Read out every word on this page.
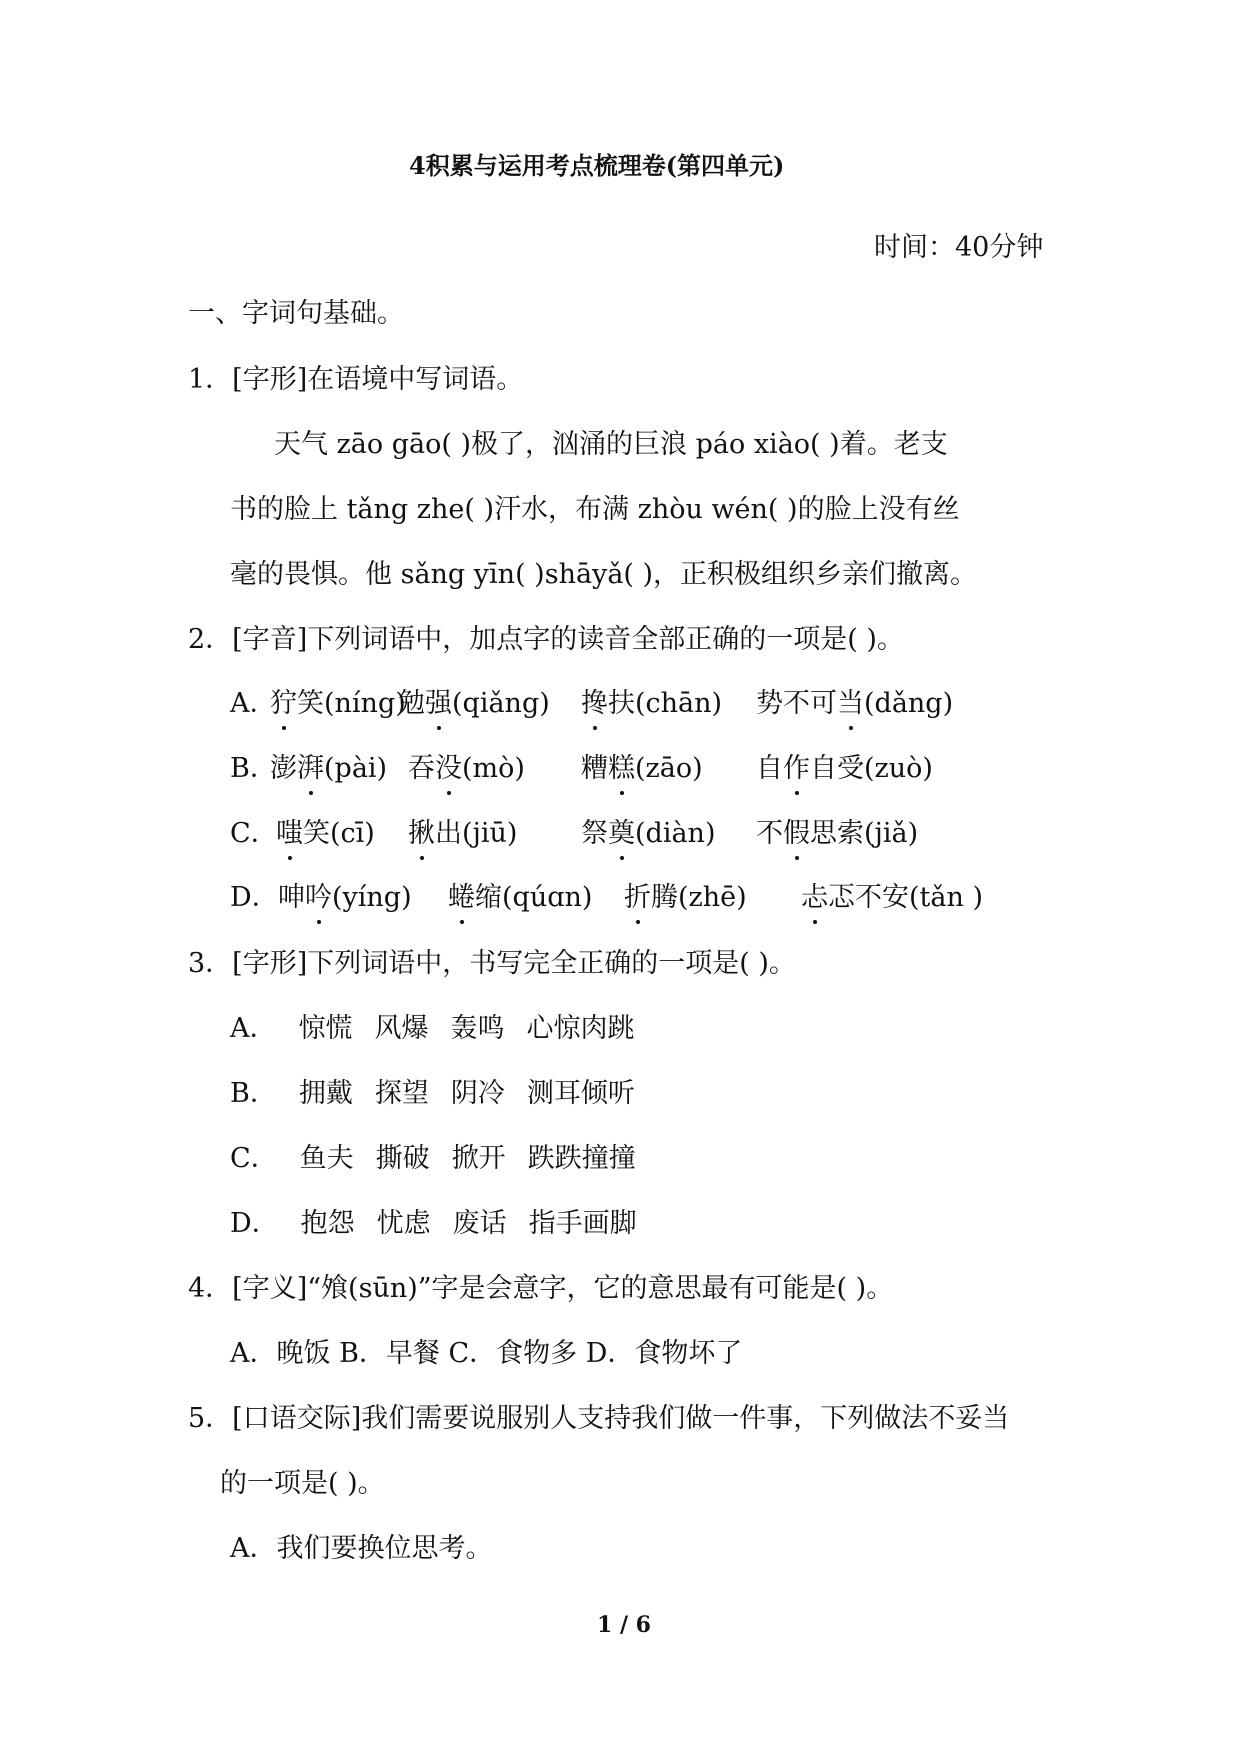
4积累与运用考点梳理卷(第四单元)
时间：40分钟
一、字词句基础。
1．[字形]在语境中写词语。
天气 zāo gāo( )极了，汹涌的巨浪 páo xiào( )着。老支
书的脸上 tǎng zhe( )汗水，布满 zhòu wén( )的脸上没有丝
毫的畏惧。他 sǎng yīn( )shāyǎ( )，正积极组织乡亲们撤离。
2．[字音]下列词语中，加点字的读音全部正确的一项是( )。
A．
狞笑(níng)
勉强(qiǎng) 搀扶(chān) 势不可当(dǎng)
B．
澎湃(pài) 吞没(mò) 糟糕(zāo) 自作自受(zuò)
C．
嗤笑(cī) 揪出(jiū) 祭奠(diàn) 不假思索(jiǎ)
D． 呻吟(yíng) 蜷缩(qúɑn) 折腾(zhē) 忐忑不安(tǎn )
3．[字形]下列词语中，书写完全正确的一项是( )。
A． 惊慌 风爆 轰鸣 心惊肉跳
B． 拥戴 探望 阴冷 测耳倾听
C． 鱼夫 撕破 掀开 跌跌撞撞
D． 抱怨 忧虑 废话 指手画脚
4．[字义]“飧(sūn)”字是会意字，它的意思最有可能是( )。
A．晚饭 B．早餐 C．食物多 D．食物坏了
5．[口语交际]我们需要说服别人支持我们做一件事，下列做法不妥当
的一项是( )。
A．我们要换位思考。
1 / 6
